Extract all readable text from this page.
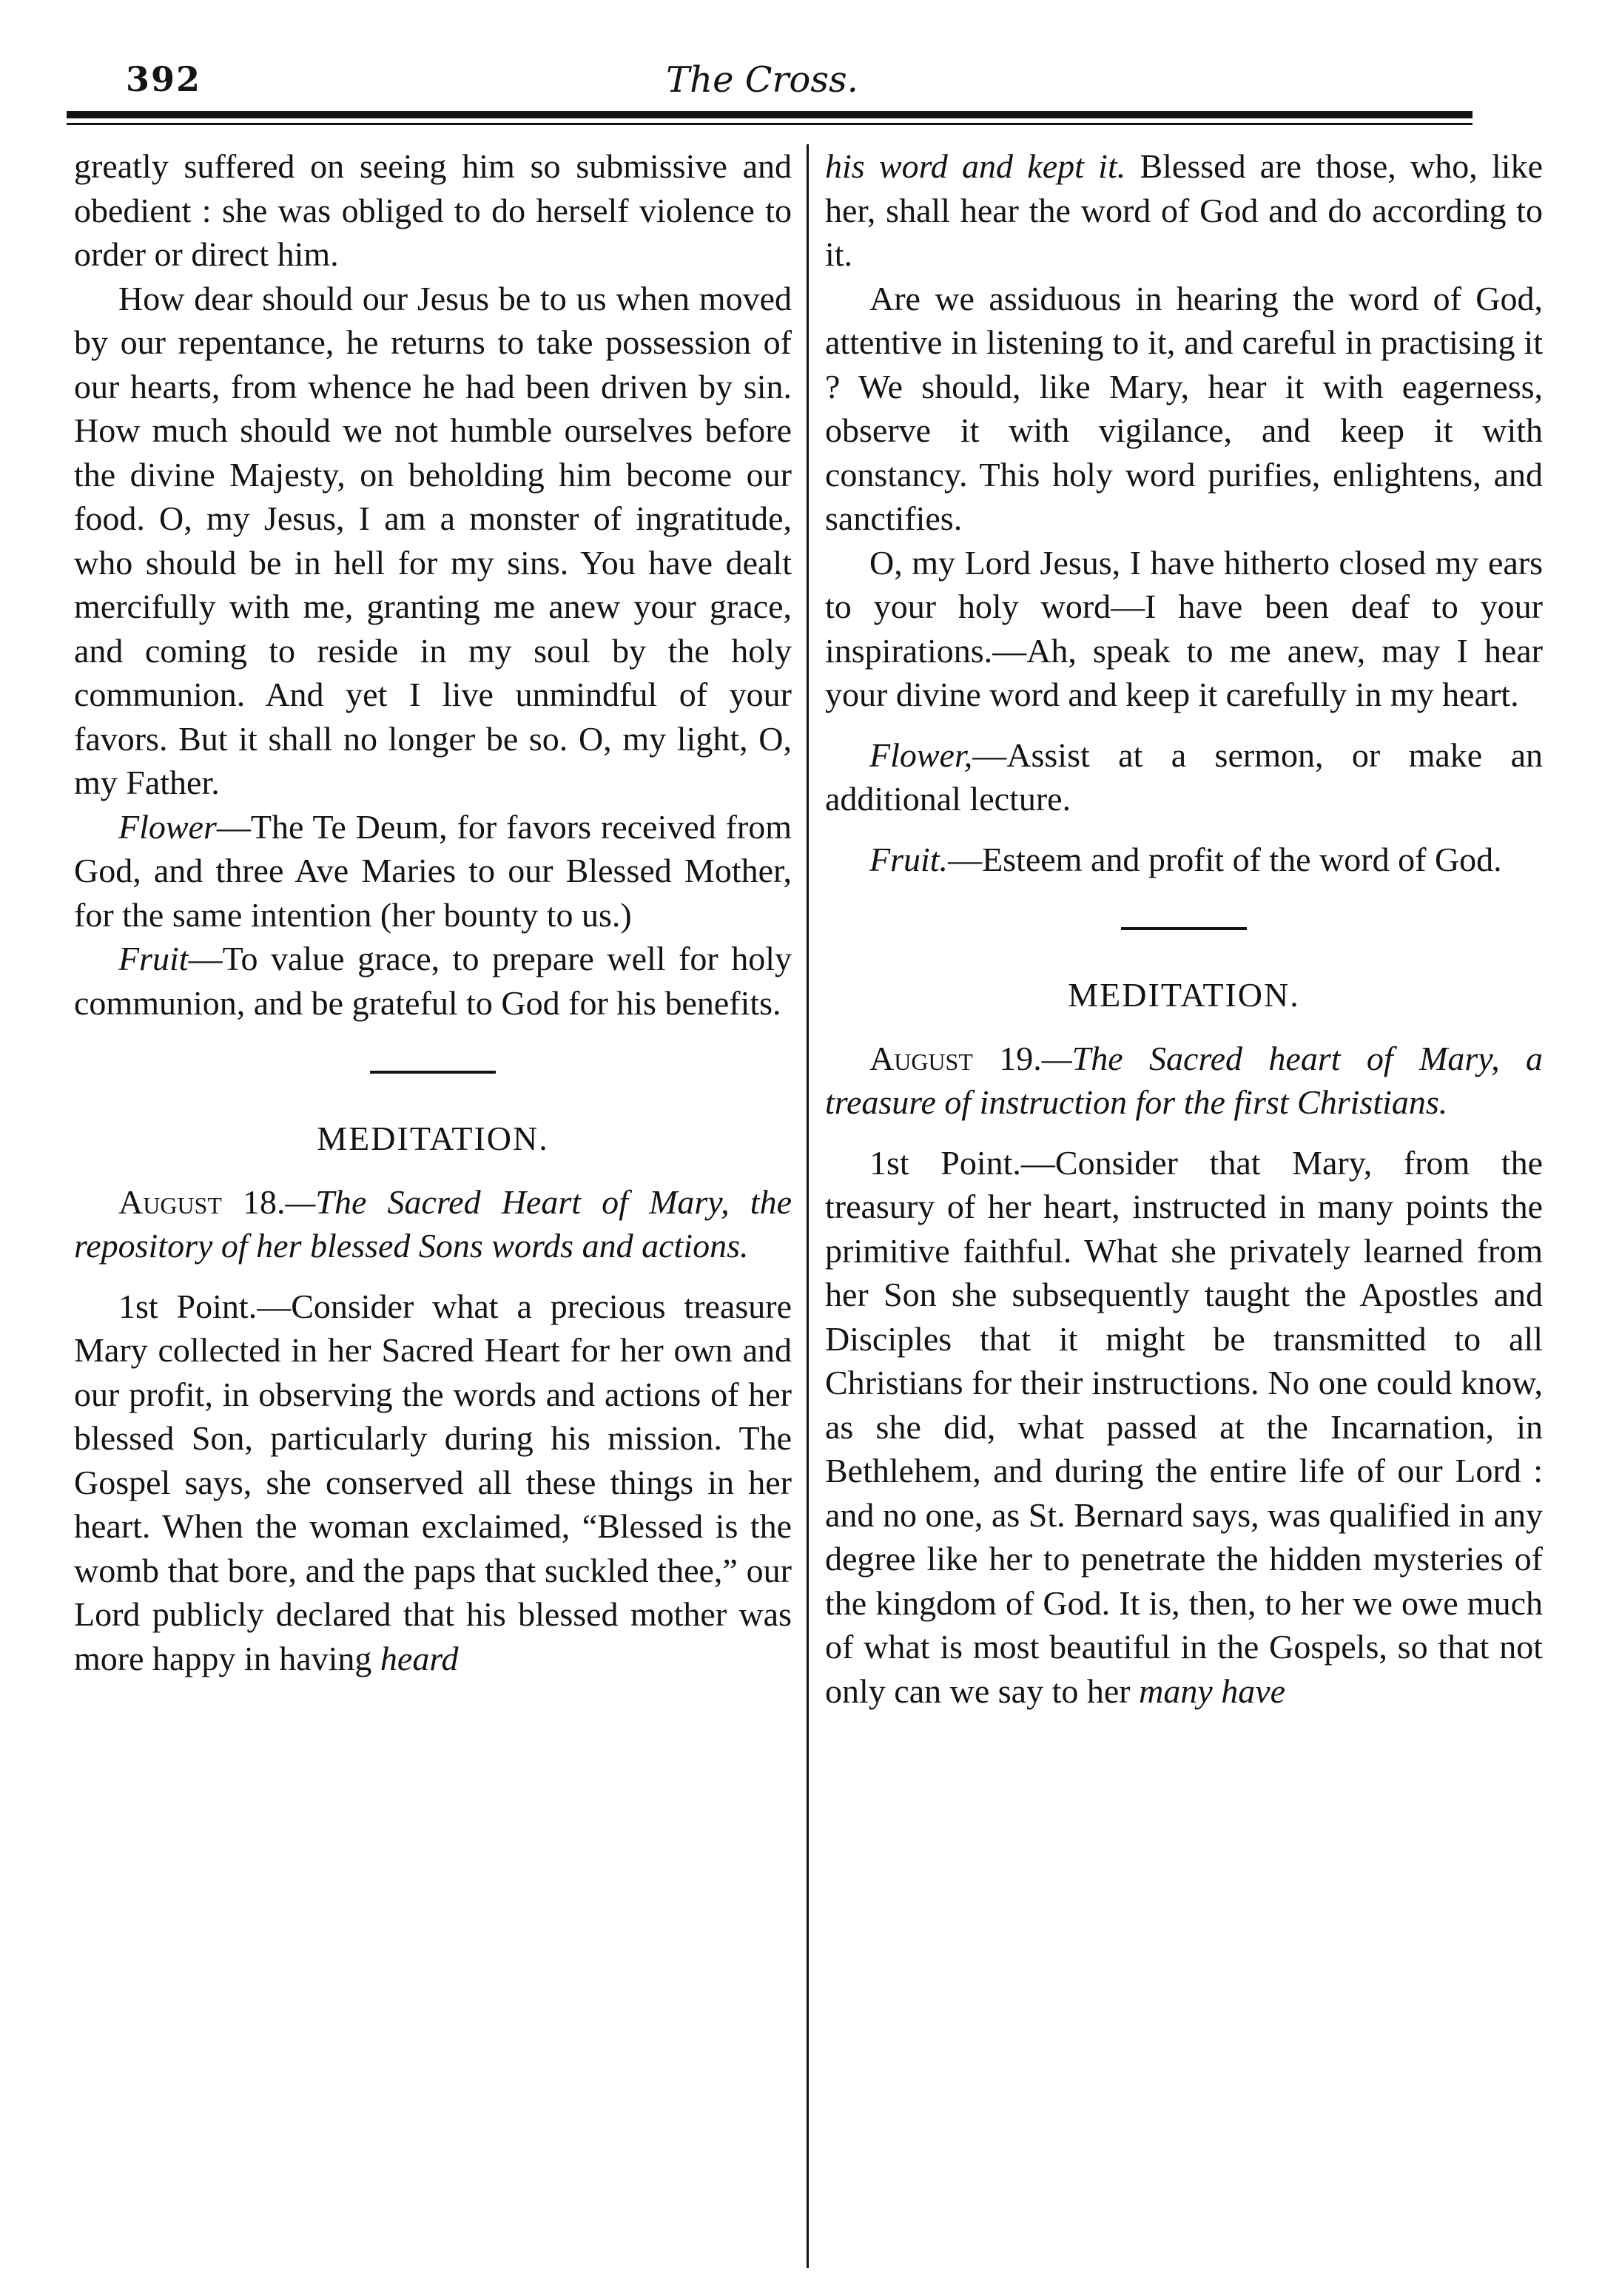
392	The Cross.

greatly suffered on seeing him so submissive and obedient : she was obliged to do herself violence to order or direct him.

How dear should our Jesus be to us when moved by our repentance, he returns to take possession of our hearts, from whence he had been driven by sin. How much should we not humble ourselves before the divine Majesty, on beholding him become our food. O, my Jesus, I am a monster of ingratitude, who should be in hell for my sins. You have dealt mercifully with me, granting me anew your grace, and coming to reside in my soul by the holy communion. And yet I live unmindful of your favors. But it shall no longer be so. O, my light, O, my Father.

Flower—The Te Deum, for favors received from God, and three Ave Maries to our Blessed Mother, for the same intention (her bounty to us.)

Fruit—To value grace, to prepare well for holy communion, and be grateful to God for his benefits.

MEDITATION.

August 18.—The Sacred Heart of Mary, the repository of her blessed Sons words and actions.

1st Point.—Consider what a precious treasure Mary collected in her Sacred Heart for her own and our profit, in observing the words and actions of her blessed Son, particularly during his mission. The Gospel says, she conserved all these things in her heart. When the woman exclaimed, “Blessed is the womb that bore, and the paps that suckled thee,” our Lord publicly declared that his blessed mother was more happy in having heard

his word and kept it. Blessed are those, who, like her, shall hear the word of God and do according to it.

Are we assiduous in hearing the word of God, attentive in listening to it, and careful in practising it ? We should, like Mary, hear it with eagerness, observe it with vigilance, and keep it with constancy. This holy word purifies, enlightens, and sanctifies.

O, my Lord Jesus, I have hitherto closed my ears to your holy word—I have been deaf to your inspirations.—Ah, speak to me anew, may I hear your divine word and keep it carefully in my heart.

Flower,—Assist at a sermon, or make an additional lecture.

Fruit.—Esteem and profit of the word of God.

MEDITATION.

August 19.—The Sacred heart of Mary, a treasure of instruction for the first Christians.

1st Point.—Consider that Mary, from the treasury of her heart, instructed in many points the primitive faithful. What she privately learned from her Son she subsequently taught the Apostles and Disciples that it might be transmitted to all Christians for their instructions. No one could know, as she did, what passed at the Incarnation, in Bethlehem, and during the entire life of our Lord : and no one, as St. Bernard says, was qualified in any degree like her to penetrate the hidden mysteries of the kingdom of God. It is, then, to her we owe much of what is most beautiful in the Gospels, so that not only can we say to her many have
